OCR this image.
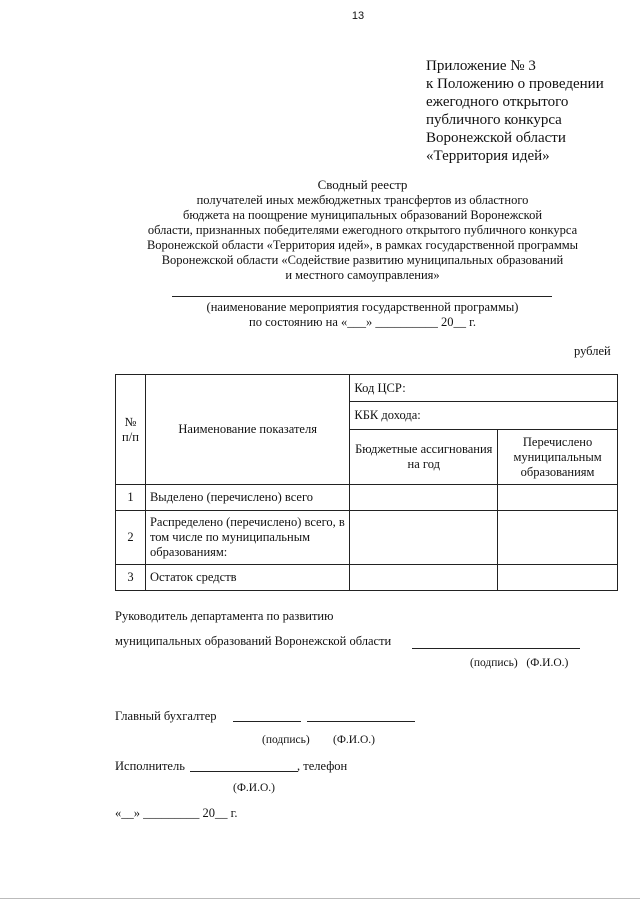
13
Приложение № 3
к Положению о проведении
ежегодного открытого
публичного конкурса
Воронежской области
«Территория идей»
Сводный реестр
получателей иных межбюджетных трансфертов из областного
бюджета на поощрение муниципальных образований Воронежской
области, признанных победителями ежегодного открытого публичного конкурса
Воронежской области «Территория идей», в рамках государственной программы
Воронежской области «Содействие развитию муниципальных образований
и местного самоуправления»
(наименование мероприятия государственной программы)
по состоянию на «___» __________ 20__ г.
рублей
№ п/п	Наименование показателя	Код ЦСР:	
		КБК дохода:	
		Бюджетные ассигнования на год	Перечислено муниципальным образованиям
1	Выделено (перечислено) всего		
2	Распределено (перечислено) всего, в том числе по муниципальным образованиям:		
3	Остаток средств		
Руководитель департамента по развитию
муниципальных образований Воронежской области
(подпись)   (Ф.И.О.)
Главный бухгалтер
(подпись) (Ф.И.О.)
Исполнитель	, телефон
(Ф.И.О.)
«__» _________ 20__ г.
